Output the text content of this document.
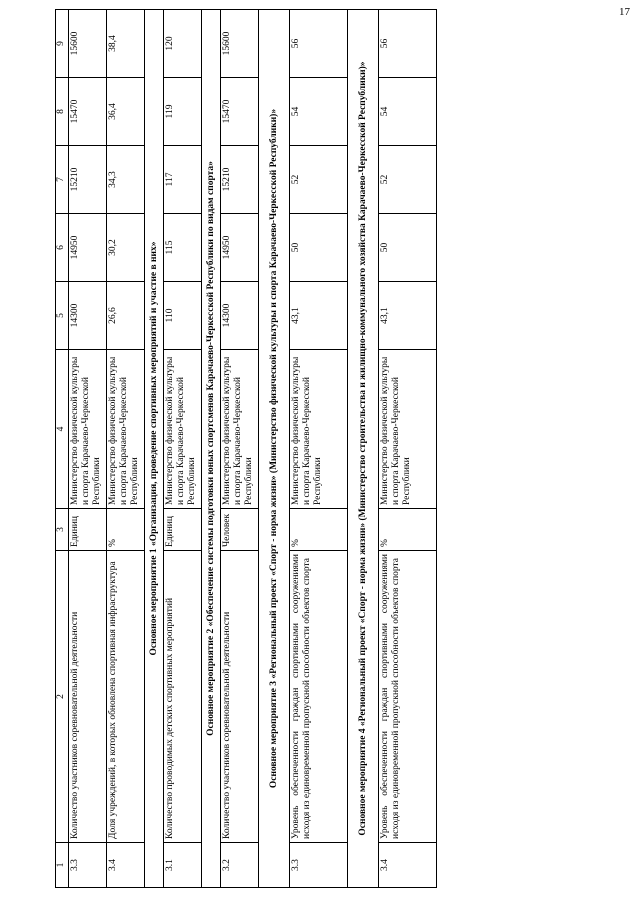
17
1	2	3	4	5	6	7	8	9
3.3	Количество участников соревновательной деятельности	Единиц	Министерство физической культуры и спорта Карачаево-Черкесской Республики	14300	14950	15210	15470	15600
3.4	Доля учреждений, в которых обновлена спортивная инфраструктура	%	Министерство физической культуры и спорта Карачаево-Черкесской Республики	26,6	30,2	34,3	36,4	38,4
Основное мероприятие 1 «Организация, проведение спортивных мероприятий и участие в них»								
3.1	Количество проводимых детских спортивных мероприятий	Единиц	Министерство физической культуры и спорта Карачаево-Черкесской Республики	110	115	117	119	120
Основное мероприятие 2 «Обеспечение системы подготовки юных спортсменов Карачаево-Черкесской Республики по видам спорта»								
3.2	Количество участников соревновательной деятельности	Человек	Министерство физической культуры и спорта Карачаево-Черкесской Республики	14300	14950	15210	15470	15600
Основное мероприятие 3 «Региональный проект «Спорт - норма жизни» (Министерство физической культуры и спорта Карачаево-Черкесской Республики)»								
3.3	Уровень обеспеченности граждан спортивными сооружениями исходя из единовременной пропускной способности объектов спорта	%	Министерство физической культуры и спорта Карачаево-Черкесской Республики	43,1	50	52	54	56
Основное мероприятие 4 «Региональный проект «Спорт - норма жизни» (Министерство строительства и жилищно-коммунального хозяйства Карачаево-Черкесской Республики)»								
3.4	Уровень обеспеченности граждан спортивными сооружениями исходя из единовременной пропускной способности объектов спорта	%	Министерство физической культуры и спорта Карачаево-Черкесской Республики	43,1	50	52	54	56
